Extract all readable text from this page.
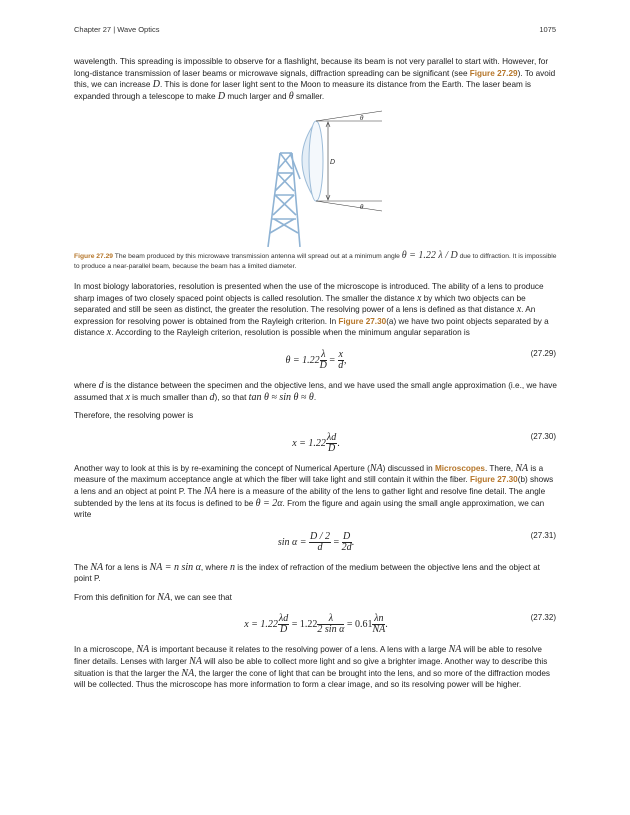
Chapter 27 | Wave Optics	1075

wavelength. This spreading is impossible to observe for a flashlight, because its beam is not very parallel to start with. However, for long-distance transmission of laser beams or microwave signals, diffraction spreading can be significant (see Figure 27.29). To avoid this, we can increase D. This is done for laser light sent to the Moon to measure its distance from the Earth. The laser beam is expanded through a telescope to make D much larger and θ smaller.

D
θ
θ
Figure 27.29 The beam produced by this microwave transmission antenna will spread out at a minimum angle θ = 1.22 λ / D due to diffraction. It is impossible to produce a near-parallel beam, because the beam has a limited diameter.

In most biology laboratories, resolution is presented when the use of the microscope is introduced. The ability of a lens to produce sharp images of two closely spaced point objects is called resolution. The smaller the distance x by which two objects can be separated and still be seen as distinct, the greater the resolution. The resolving power of a lens is defined as that distance x. An expression for resolving power is obtained from the Rayleigh criterion. In Figure 27.30(a) we have two point objects separated by a distance x. According to the Rayleigh criterion, resolution is possible when the minimum angular separation is

$\theta = 1.22 \frac{\lambda}{D} = \frac{x}{d}$ ,
(27.29)

where d is the distance between the specimen and the objective lens, and we have used the small angle approximation (i.e., we have assumed that x is much smaller than d), so that tan θ ≈ sin θ ≈ θ.

Therefore, the resolving power is

$x = 1.22 \frac{\lambda d}{D}$ .
(27.30)

Another way to look at this is by re-examining the concept of Numerical Aperture (NA) discussed in Microscopes. There, NA is a measure of the maximum acceptance angle at which the fiber will take light and still contain it within the fiber. Figure 27.30(b) shows a lens and an object at point P. The NA here is a measure of the ability of the lens to gather light and resolve fine detail. The angle subtended by the lens at its focus is defined to be θ = 2α. From the figure and again using the small angle approximation, we can write

$\sin \alpha = \frac{D / 2}{d} = \frac{D}{2d}$ .
(27.31)

The NA for a lens is NA = n sin α, where n is the index of refraction of the medium between the objective lens and the object at point P.

From this definition for NA, we can see that

$x = 1.22 \frac{\lambda d}{D} = 1.22 \frac{\lambda}{\text{2 sin α}} = 0.61 \frac{\lambda n}{NA}$ .
(27.32)

In a microscope, NA is important because it relates to the resolving power of a lens. A lens with a large NA will be able to resolve finer details. Lenses with larger NA will also be able to collect more light and so give a brighter image. Another way to describe this situation is that the larger the NA, the larger the cone of light that can be brought into the lens, and so more of the diffraction modes will be collected. Thus the microscope has more information to form a clear image, and so its resolving power will be higher.
